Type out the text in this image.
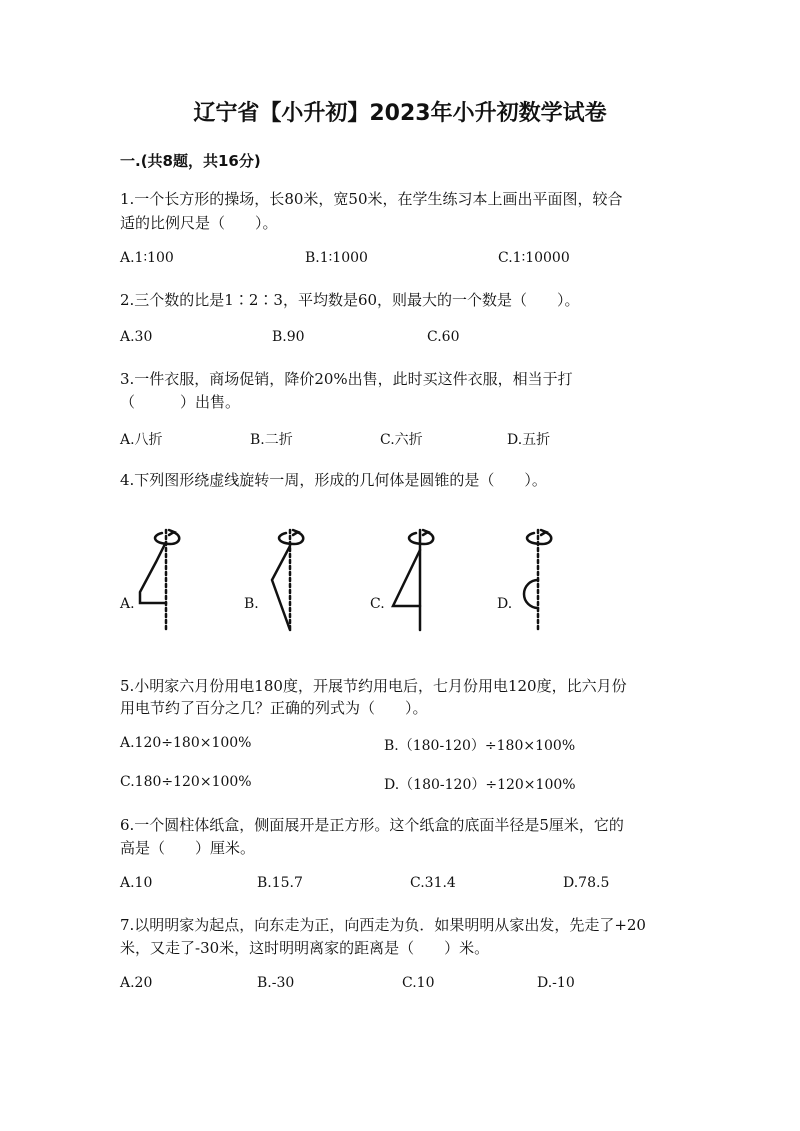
辽宁省【小升初】2023年小升初数学试卷
一.(共8题，共16分)
1.一个长方形的操场，长80米，宽50米，在学生练习本上画出平面图，较合
适的比例尺是（　　）。
A.1∶100	B.1∶1000	C.1∶10000
2.三个数的比是1∶2∶3，平均数是60，则最大的一个数是（　　）。
A.30	B.90	C.60
3.一件衣服，商场促销，降价20%出售，此时买这件衣服，相当于打
（　　　）出售。
A.八折	B.二折	C.六折	D.五折
4.下列图形绕虚线旋转一周，形成的几何体是圆锥的是（　　）。
A.	B.	C.	D.
5.小明家六月份用电180度，开展节约用电后，七月份用电120度，比六月份
用电节约了百分之几？正确的列式为（　　）。
A.120÷180×100%	B.（180-120）÷180×100%
C.180÷120×100%	D.（180-120）÷120×100%
6.一个圆柱体纸盒，侧面展开是正方形。这个纸盒的底面半径是5厘米，它的
高是（　　）厘米。
A.10	B.15.7	C.31.4	D.78.5
7.以明明家为起点，向东走为正，向西走为负．如果明明从家出发，先走了+20
米，又走了-30米，这时明明离家的距离是（　　）米。
A.20	B.-30	C.10	D.-10
